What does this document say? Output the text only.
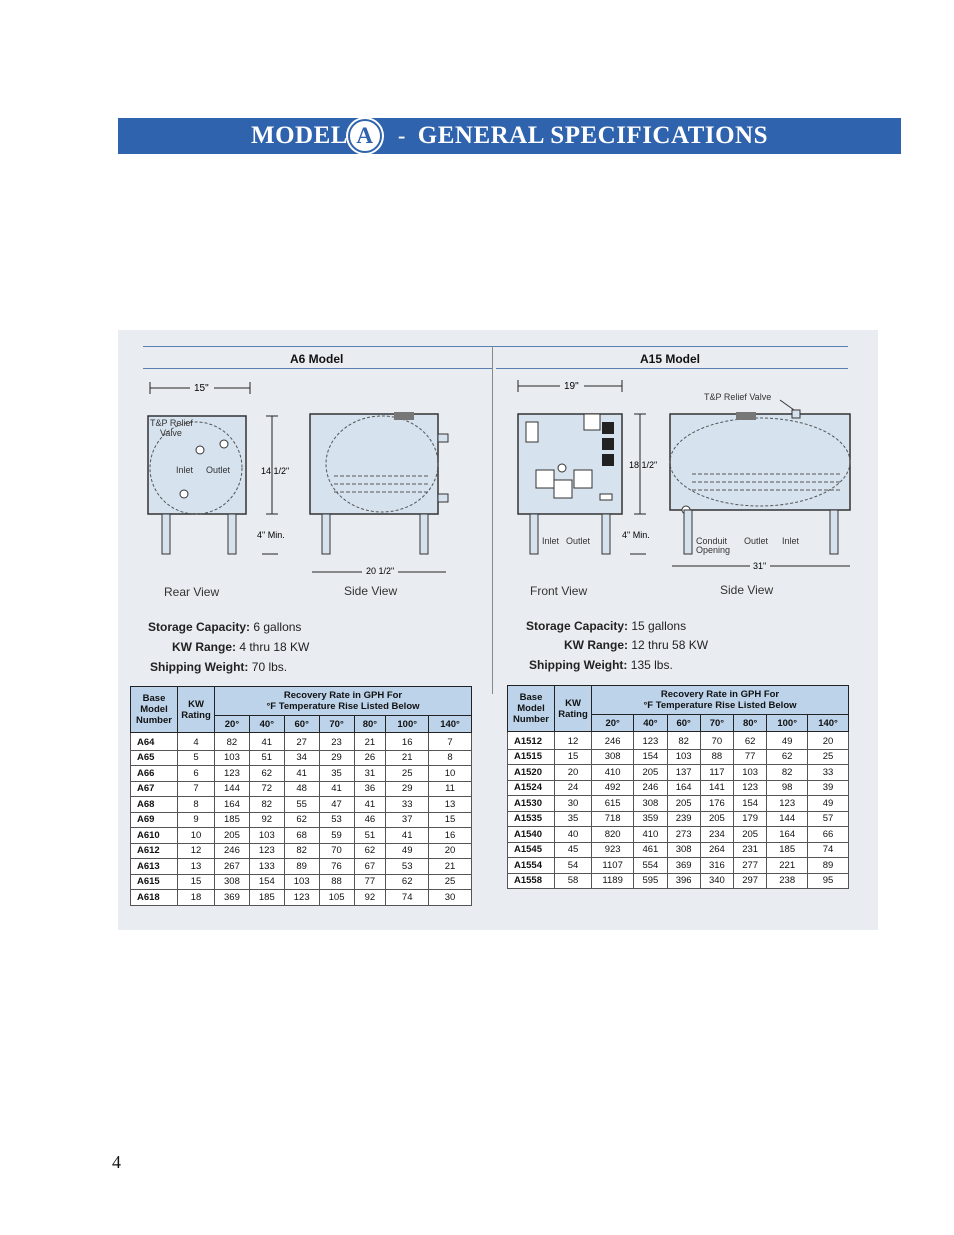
MODEL A - GENERAL SPECIFICATIONS
A6 Model	A15 Model
15"
T&P Relief
Valve
Inlet Outlet	14 1/2"
4" Min.
20 1/2"
Rear View	Side View
Storage Capacity: 6 gallons
KW Range: 4 thru 18 KW
Shipping Weight: 70 lbs.
19"
Inlet Outlet
18 1/2"
4" Min.
T&P Relief Valve
Conduit
Opening
Outlet Inlet
31"
Front View	Side View
Storage Capacity: 15 gallons
KW Range: 12 thru 58 KW
Shipping Weight: 135 lbs.
Base
Model
Number	KW
Rating	Recovery Rate in GPH For
°F Temperature Rise Listed Below						
		20°	40°	60°	70°	80°	100°	140°
A64	4	82	41	27	23	21	16	7
A65	5	103	51	34	29	26	21	8
A66	6	123	62	41	35	31	25	10
A67	7	144	72	48	41	36	29	11
A68	8	164	82	55	47	41	33	13
A69	9	185	92	62	53	46	37	15
A610	10	205	103	68	59	51	41	16
A612	12	246	123	82	70	62	49	20
A613	13	267	133	89	76	67	53	21
A615	15	308	154	103	88	77	62	25
A618	18	369	185	123	105	92	74	30
Base
Model
Number	KW
Rating	Recovery Rate in GPH For
°F Temperature Rise Listed Below						
		20°	40°	60°	70°	80°	100°	140°
A1512	12	246	123	82	70	62	49	20
A1515	15	308	154	103	88	77	62	25
A1520	20	410	205	137	117	103	82	33
A1524	24	492	246	164	141	123	98	39
A1530	30	615	308	205	176	154	123	49
A1535	35	718	359	239	205	179	144	57
A1540	40	820	410	273	234	205	164	66
A1545	45	923	461	308	264	231	185	74
A1554	54	1107	554	369	316	277	221	89
A1558	58	1189	595	396	340	297	238	95
4
